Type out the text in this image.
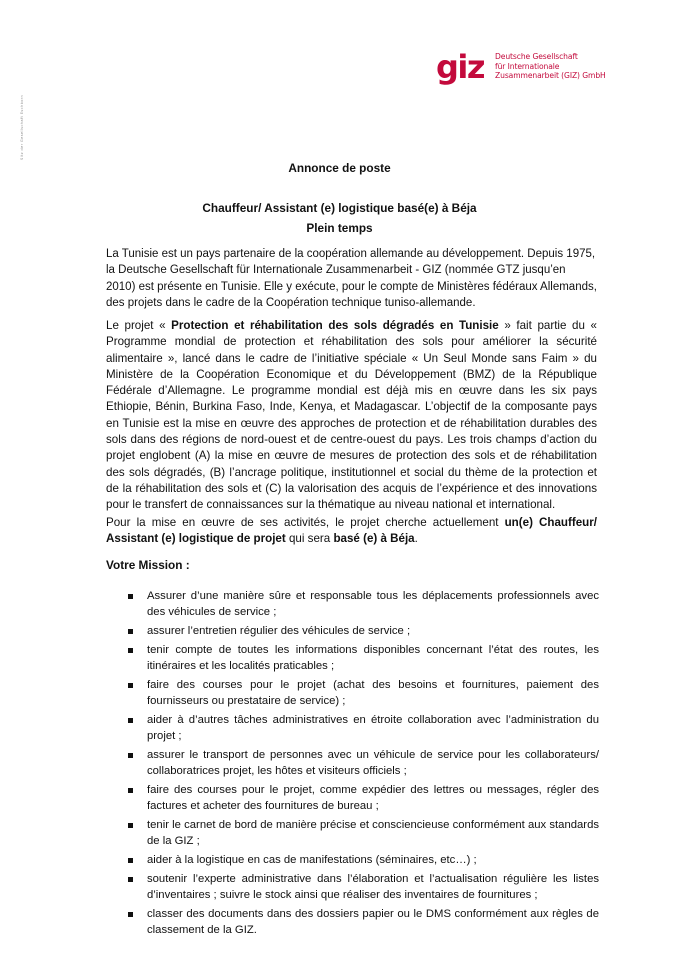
Sitz der Gesellschaft Eschborn
giz Deutsche Gesellschaft
für Internationale
Zusammenarbeit (GIZ) GmbH
Annonce de poste
Chauffeur/ Assistant (e) logistique basé(e) à Béja
Plein temps

La Tunisie est un pays partenaire de la coopération allemande au développement. Depuis 1975, la Deutsche Gesellschaft für Internationale Zusammenarbeit - GIZ (nommée GTZ jusqu’en 2010) est présente en Tunisie. Elle y exécute, pour le compte de Ministères fédéraux Allemands, des projets dans le cadre de la Coopération technique tuniso-allemande.

Le projet « Protection et réhabilitation des sols dégradés en Tunisie » fait partie du « Programme mondial de protection et réhabilitation des sols pour améliorer la sécurité alimentaire », lancé dans le cadre de l’initiative spéciale « Un Seul Monde sans Faim » du Ministère de la Coopération Economique et du Développement (BMZ) de la République Fédérale d’Allemagne. Le programme mondial est déjà mis en œuvre dans les six pays Ethiopie, Bénin, Burkina Faso, Inde, Kenya, et Madagascar. L’objectif de la composante pays en Tunisie est la mise en œuvre des approches de protection et de réhabilitation durables des sols dans des régions de nord-ouest et de centre-ouest du pays. Les trois champs d’action du projet englobent (A) la mise en œuvre de mesures de protection des sols et de réhabilitation des sols dégradés, (B) l’ancrage politique, institutionnel et social du thème de la protection et de la réhabilitation des sols et (C) la valorisation des acquis de l’expérience et des innovations pour le transfert de connaissances sur la thématique au niveau national et international.

Pour la mise en œuvre de ses activités, le projet cherche actuellement un(e) Chauffeur/ Assistant (e) logistique de projet qui sera basé (e) à Béja.

Votre Mission :
Assurer d’une manière sûre et responsable tous les déplacements professionnels avec des véhicules de service ;
assurer l’entretien régulier des véhicules de service ;
tenir compte de toutes les informations disponibles concernant l’état des routes, les itinéraires et les localités praticables ;
faire des courses pour le projet (achat des besoins et fournitures, paiement des fournisseurs ou prestataire de service) ;
aider à d’autres tâches administratives en étroite collaboration avec l’administration du projet ;
assurer le transport de personnes avec un véhicule de service pour les collaborateurs/ collaboratrices projet, les hôtes et visiteurs officiels ;
faire des courses pour le projet, comme expédier des lettres ou messages, régler des factures et acheter des fournitures de bureau ;
tenir le carnet de bord de manière précise et consciencieuse conformément aux standards de la GIZ ;
aider à la logistique en cas de manifestations (séminaires, etc…) ;
soutenir l’experte administrative dans l’élaboration et l’actualisation régulière les listes d’inventaires ; suivre le stock ainsi que réaliser des inventaires de fournitures ;
classer des documents dans des dossiers papier ou le DMS conformément aux règles de classement de la GIZ.
